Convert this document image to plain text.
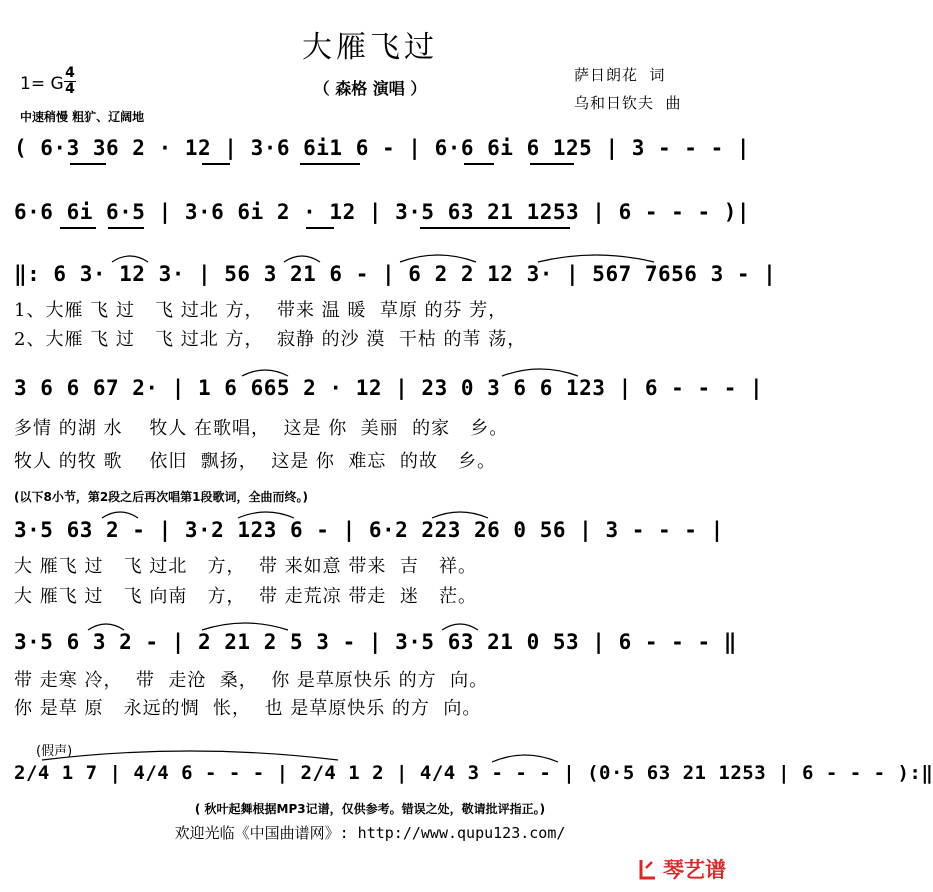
大雁飞过
（ 森格 演唱 ）
萨日朗花  词
乌和日钦夫  曲
1= G
4
4
中速稍慢 粗犷、辽阔地
( 6·3 36 2 · 12 | 3·6 6i1 6 - | 6·6 6i 6 125 | 3 - - - |
6·6 6i 6·5 | 3·6 6i 2 · 12 | 3·5 63 21 1253 | 6 - - - )|
‖: 6 3· 12 3· | 56 3 21 6 - | 6 2 2 12 3· | 567 7656 3 - |
1、大雁 飞 过   飞 过北 方，  带来 温 暖  草原 的芬 芳，
2、大雁 飞 过   飞 过北 方，  寂静 的沙 漠  干枯 的苇 荡，
3 6 6 67 2· | 1 6 665 2 · 12 | 23 0 3 6 6 123 | 6 - - - |
多情 的湖 水    牧人 在歌唱，  这是 你  美丽  的家   乡。
牧人 的牧 歌    依旧  飘扬，  这是 你  难忘  的故   乡。
(以下8小节，第2段之后再次唱第1段歌词，全曲而终。)
3·5 63 2 - | 3·2 123 6 - | 6·2 223 26 0 56 | 3 - - - |
大 雁飞 过   飞 过北   方，  带 来如意 带来  吉   祥。
大 雁飞 过   飞 向南   方，  带 走荒凉 带走  迷   茫。
3·5 6 3 2 - | 2 21 2 5 3 - | 3·5 63 21 0 53 | 6 - - - ‖
带 走寒 冷，  带  走沧  桑，  你 是草原快乐 的方  向。
你 是草 原   永远的惆  怅，  也 是草原快乐 的方  向。
(假声)
2/4 1 7 | 4/4 6 - - - | 2/4 1 2 | 4/4 3 - - - | (0·5 63 21 1253 | 6 - - - ):‖
( 秋叶起舞根据MP3记谱，仅供参考。错误之处，敬请批评指正。)
欢迎光临《中国曲谱网》: http://www.qupu123.com/
琴艺谱
